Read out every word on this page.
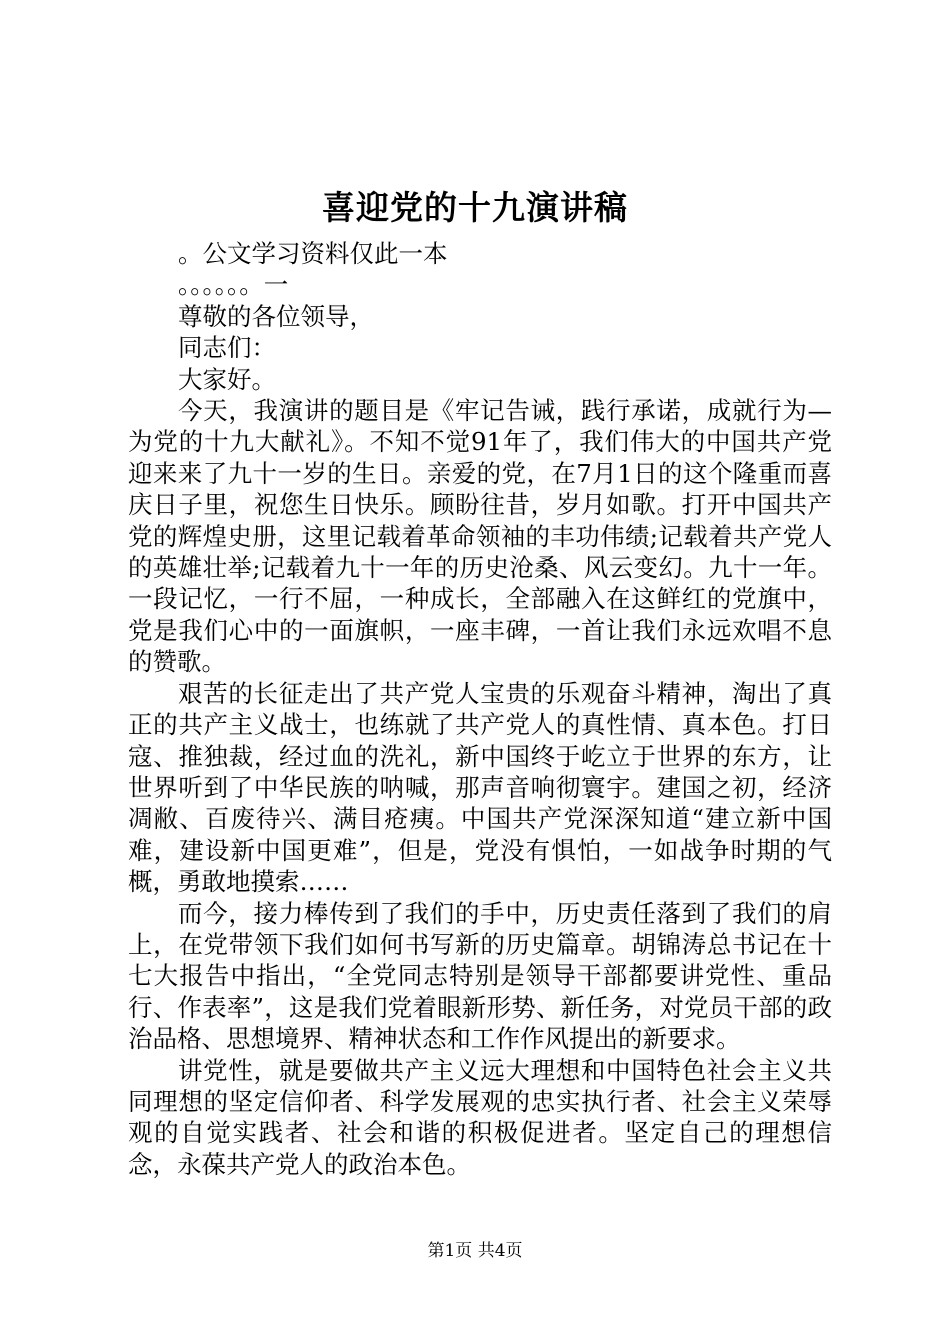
喜迎党的十九演讲稿
。公文学习资料仅此一本
。。。。。。一
尊敬的各位领导，
同志们：
大家好。

今天，我演讲的题目是《牢记告诫，践行承诺，成就行为—为党的十九大献礼》。不知不觉91年了，我们伟大的中国共产党迎来来了九十一岁的生日。亲爱的党，在7月1日的这个隆重而喜庆日子里，祝您生日快乐。顾盼往昔，岁月如歌。打开中国共产党的辉煌史册，这里记载着革命领袖的丰功伟绩;记载着共产党人的英雄壮举;记载着九十一年的历史沧桑、风云变幻。九十一年。一段记忆，一行不屈，一种成长，全部融入在这鲜红的党旗中，党是我们心中的一面旗帜，一座丰碑，一首让我们永远欢唱不息的赞歌。

艰苦的长征走出了共产党人宝贵的乐观奋斗精神，淘出了真正的共产主义战士，也练就了共产党人的真性情、真本色。打日寇、推独裁，经过血的洗礼，新中国终于屹立于世界的东方，让世界听到了中华民族的呐喊，那声音响彻寰宇。建国之初，经济凋敝、百废待兴、满目疮痍。中国共产党深深知道“建立新中国难，建设新中国更难”，但是，党没有惧怕，一如战争时期的气概，勇敢地摸索……

而今，接力棒传到了我们的手中，历史责任落到了我们的肩上，在党带领下我们如何书写新的历史篇章。胡锦涛总书记在十七大报告中指出，“全党同志特别是领导干部都要讲党性、重品行、作表率”，这是我们党着眼新形势、新任务，对党员干部的政治品格、思想境界、精神状态和工作作风提出的新要求。

讲党性，就是要做共产主义远大理想和中国特色社会主义共同理想的坚定信仰者、科学发展观的忠实执行者、社会主义荣辱观的自觉实践者、社会和谐的积极促进者。坚定自己的理想信念，永葆共产党人的政治本色。

第1页 共4页
